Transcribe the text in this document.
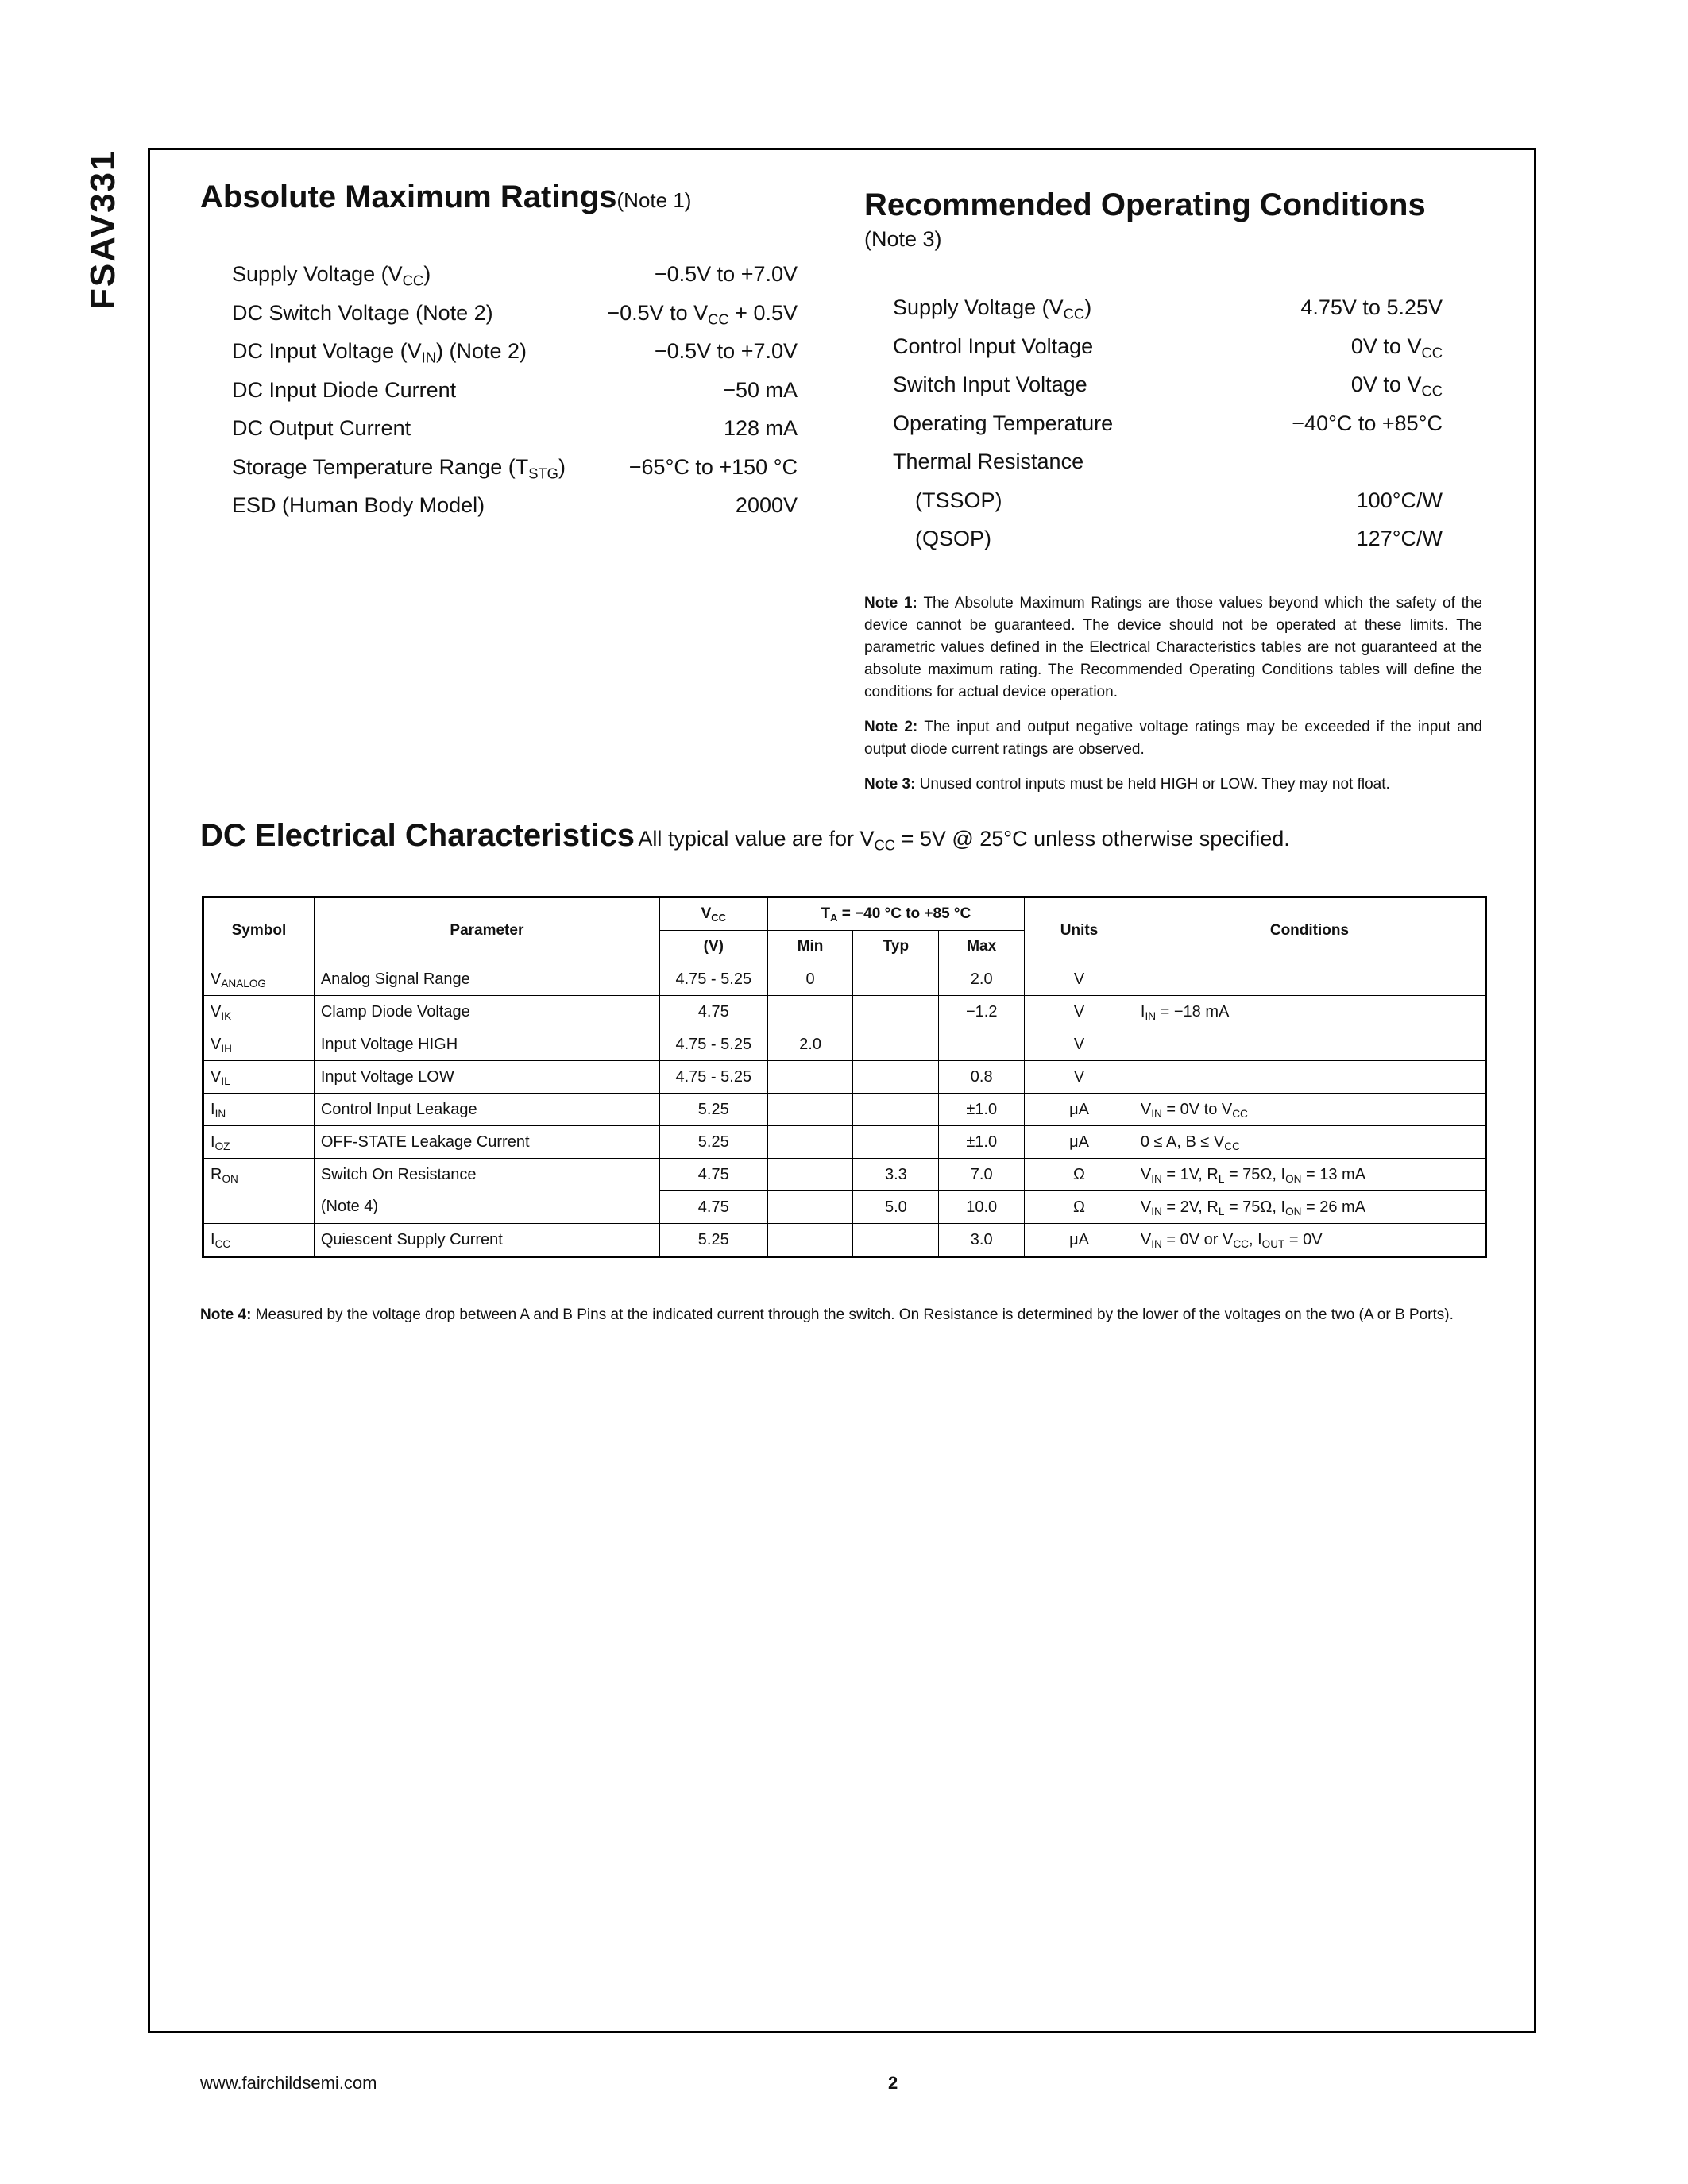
FSAV331 Absolute Maximum Ratings(Note 1)
Supply Voltage $(V_{CC})$	−0.5V to +7.0V
DC Switch Voltage (Note 2)	−0.5V to $V_{CC} + 0.5V$
DC Input Voltage $(V_{IN})$ (Note 2)	−0.5V to +7.0V
DC Input Diode Current	−50 mA
DC Output Current	128 mA
Storage Temperature Range $(T_{STG})$	−65°C to +150 °C
ESD (Human Body Model)	2000V
Recommended Operating Conditions
(Note 3)
Supply Voltage $(V_{CC})$	4.75V to 5.25V
Control Input Voltage	0V to $V_{CC}$
Switch Input Voltage	0V to $V_{CC}$
Operating Temperature	−40°C to +85°C
Thermal Resistance
(TSSOP)	100°C/W
(QSOP)	127°C/W

Note 1: The Absolute Maximum Ratings are those values beyond which the safety of the device cannot be guaranteed. The device should not be operated at these limits. The parametric values defined in the Electrical Characteristics tables are not guaranteed at the absolute maximum rating. The Recommended Operating Conditions tables will define the conditions for actual device operation.

Note 2: The input and output negative voltage ratings may be exceeded if the input and output diode current ratings are observed.

Note 3: Unused control inputs must be held HIGH or LOW. They may not float.

DC Electrical Characteristics All typical value are for $V_{CC} = 5V$ @ 25°C unless otherwise specified.
Symbol	Parameter	$V_{CC}$	$T_A = -40$ °C to +85 °C			Units	Conditions
		(V)	Min	Typ	Max		
$V_{ANALOG}$	Analog Signal Range	4.75 - 5.25	0		2.0	V	
$V_{IK}$	Clamp Diode Voltage	4.75			−1.2	V	$I_{IN} = -18$ mA
$V_{IH}$	Input Voltage HIGH	4.75 - 5.25	2.0			V	
$V_{IL}$	Input Voltage LOW	4.75 - 5.25			0.8	V	
$I_{IN}$	Control Input Leakage	5.25			±1.0	μA	$V_{IN} = 0V$ to $V_{CC}$
$I_{OZ}$	OFF-STATE Leakage Current	5.25			±1.0	μA	0 ≤ A, $B \le V_{CC}$
$R_{ON}$	Switch On Resistance	4.75		3.3	7.0	Ω	$V_{IN} = 1V$, $R_L = 75\Omega$, $I_{ON} = 13$ mA
	(Note 4)	4.75		5.0	10.0	Ω	$V_{IN} = 2V$, $R_L = 75\Omega$, $I_{ON} = 26$ mA
$I_{CC}$	Quiescent Supply Current	5.25			3.0	μA	$V_{IN} = 0V$ or $V_{CC}$, $I_{OUT} = 0V$
Note 4: Measured by the voltage drop between A and B Pins at the indicated current through the switch. On Resistance is determined by the lower of the voltages on the two (A or B Ports).
www.fairchildsemi.com	2
